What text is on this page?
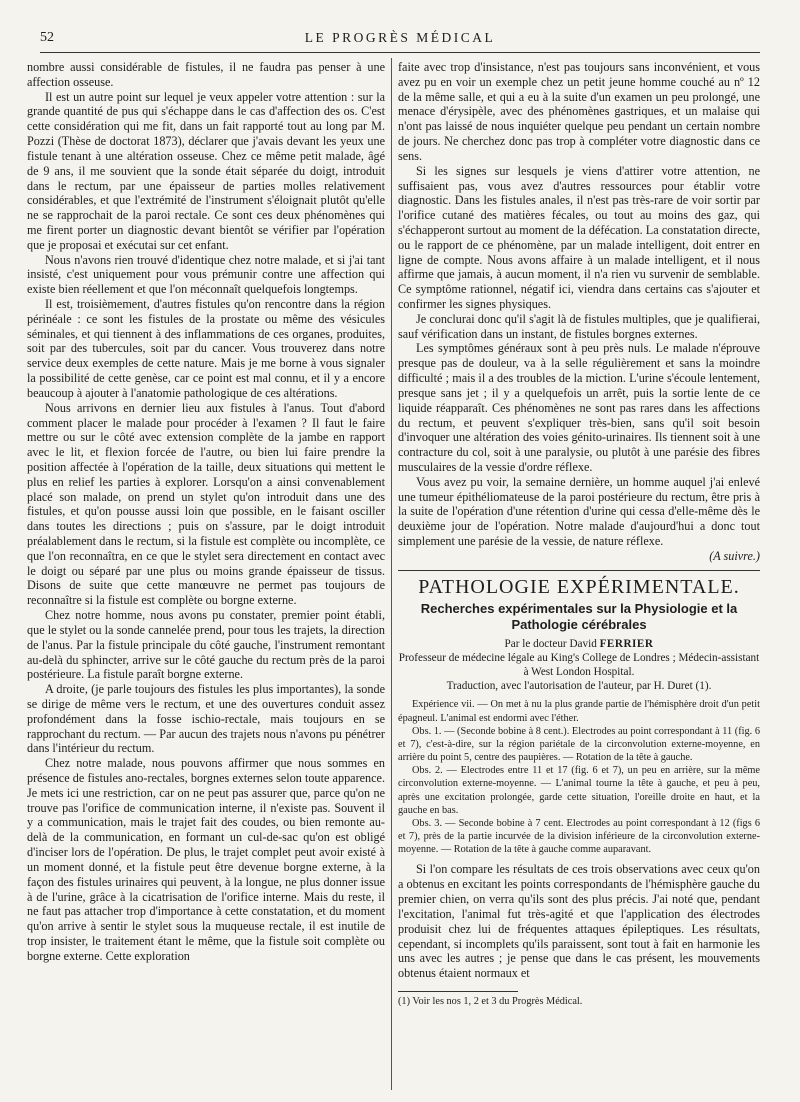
52	LE PROGRÈS MÉDICAL

nombre aussi considérable de fistules, il ne faudra pas penser à une affection osseuse.

Il est un autre point sur lequel je veux appeler votre attention : sur la grande quantité de pus qui s'échappe dans le cas d'affection des os. C'est cette considération qui me fit, dans un fait rapporté tout au long par M. Pozzi (Thèse de doctorat 1873), déclarer que j'avais devant les yeux une fistule tenant à une altération osseuse. Chez ce même petit malade, âgé de 9 ans, il me souvient que la sonde était séparée du doigt, introduit dans le rectum, par une épaisseur de parties molles relativement considérables, et que l'extrémité de l'instrument s'éloignait plutôt qu'elle ne se rapprochait de la paroi rectale. Ce sont ces deux phénomènes qui me firent porter un diagnostic devant bientôt se vérifier par l'opération que je proposai et exécutai sur cet enfant.

Nous n'avons rien trouvé d'identique chez notre malade, et si j'ai tant insisté, c'est uniquement pour vous prémunir contre une affection qui existe bien réellement et que l'on méconnaît quelquefois longtemps.

Il est, troisièmement, d'autres fistules qu'on rencontre dans la région périnéale : ce sont les fistules de la prostate ou même des vésicules séminales, et qui tiennent à des inflammations de ces organes, produites, soit par des tubercules, soit par du cancer. Vous trouverez dans notre service deux exemples de cette nature. Mais je me borne à vous signaler la possibilité de cette genèse, car ce point est mal connu, et il y a encore beaucoup à ajouter à l'anatomie pathologique de ces altérations.

Nous arrivons en dernier lieu aux fistules à l'anus. Tout d'abord comment placer le malade pour procéder à l'examen ? Il faut le faire mettre ou sur le côté avec extension complète de la jambe en rapport avec le lit, et flexion forcée de l'autre, ou bien lui faire prendre la position affectée à l'opération de la taille, deux situations qui mettent le plus en relief les parties à explorer. Lorsqu'on a ainsi convenablement placé son malade, on prend un stylet qu'on introduit dans une des fistules, et qu'on pousse aussi loin que possible, en le faisant osciller dans toutes les directions ; puis on s'assure, par le doigt introduit préalablement dans le rectum, si la fistule est complète ou incomplète, ce que l'on reconnaîtra, en ce que le stylet sera directement en contact avec le doigt ou séparé par une plus ou moins grande épaisseur de tissus. Disons de suite que cette manœuvre ne permet pas toujours de reconnaître si la fistule est complète ou borgne externe.

Chez notre homme, nous avons pu constater, premier point établi, que le stylet ou la sonde cannelée prend, pour tous les trajets, la direction de l'anus. Par la fistule principale du côté gauche, l'instrument remontant au-delà du sphincter, arrive sur le côté gauche du rectum près de la paroi postérieure. La fistule paraît borgne externe.

A droite, (je parle toujours des fistules les plus importantes), la sonde se dirige de même vers le rectum, et une des ouvertures conduit assez profondément dans la fosse ischio-rectale, mais toujours en se rapprochant du rectum. — Par aucun des trajets nous n'avons pu pénétrer dans l'intérieur du rectum.

Chez notre malade, nous pouvons affirmer que nous sommes en présence de fistules ano-rectales, borgnes externes selon toute apparence. Je mets ici une restriction, car on ne peut pas assurer que, parce qu'on ne trouve pas l'orifice de communication interne, il n'existe pas. Souvent il y a communication, mais le trajet fait des coudes, ou bien remonte au-delà de la communication, en formant un cul-de-sac qu'on est obligé d'inciser lors de l'opération. De plus, le trajet complet peut avoir existé à un moment donné, et la fistule peut être devenue borgne externe, à la façon des fistules urinaires qui peuvent, à la longue, ne plus donner issue à de l'urine, grâce à la cicatrisation de l'orifice interne. Mais du reste, il ne faut pas attacher trop d'importance à cette constatation, et du moment qu'on arrive à sentir le stylet sous la muqueuse rectale, il est inutile de trop insister, le traitement étant le même, que la fistule soit complète ou borgne externe. Cette exploration

faite avec trop d'insistance, n'est pas toujours sans inconvénient, et vous avez pu en voir un exemple chez un petit jeune homme couché au nº 12 de la même salle, et qui a eu à la suite d'un examen un peu prolongé, une menace d'érysipèle, avec des phénomènes gastriques, et un malaise qui n'ont pas laissé de nous inquiéter quelque peu pendant un certain nombre de jours. Ne cherchez donc pas trop à compléter votre diagnostic dans ce sens.

Si les signes sur lesquels je viens d'attirer votre attention, ne suffisaient pas, vous avez d'autres ressources pour établir votre diagnostic. Dans les fistules anales, il n'est pas très-rare de voir sortir par l'orifice cutané des matières fécales, ou tout au moins des gaz, qui s'échapperont surtout au moment de la défécation. La constatation directe, ou le rapport de ce phénomène, par un malade intelligent, doit entrer en ligne de compte. Nous avons affaire à un malade intelligent, et il nous affirme que jamais, à aucun moment, il n'a rien vu survenir de semblable. Ce symptôme rationnel, négatif ici, viendra dans certains cas s'ajouter et confirmer les signes physiques.

Je conclurai donc qu'il s'agit là de fistules multiples, que je qualifierai, sauf vérification dans un instant, de fistules borgnes externes.

Les symptômes généraux sont à peu près nuls. Le malade n'éprouve presque pas de douleur, va à la selle régulièrement et sans la moindre difficulté ; mais il a des troubles de la miction. L'urine s'écoule lentement, presque sans jet ; il y a quelquefois un arrêt, puis la sortie lente de ce liquide réapparaît. Ces phénomènes ne sont pas rares dans les affections du rectum, et peuvent s'expliquer très-bien, sans qu'il soit besoin d'invoquer une altération des voies génito-urinaires. Ils tiennent soit à une contracture du col, soit à une paralysie, ou plutôt à une parésie des fibres musculaires de la vessie d'ordre réflexe.

Vous avez pu voir, la semaine dernière, un homme auquel j'ai enlevé une tumeur épithéliomateuse de la paroi postérieure du rectum, être pris à la suite de l'opération d'une rétention d'urine qui cessa d'elle-même dès le deuxième jour de l'opération. Notre malade d'aujourd'hui a donc tout simplement une parésie de la vessie, de nature réflexe.

(A suivre.)

PATHOLOGIE EXPÉRIMENTALE.

Recherches expérimentales sur la Physiologie et la Pathologie cérébrales

Par le docteur David FERRIER

Professeur de médecine légale au King's College de Londres ; Médecin-assistant à West London Hospital.

Traduction, avec l'autorisation de l'auteur, par H. Duret (1).

Expérience vii. — On met à nu la plus grande partie de l'hémisphère droit d'un petit épagneul. L'animal est endormi avec l'éther.

Obs. 1. — (Seconde bobine à 8 cent.). Electrodes au point correspondant à 11 (fig. 6 et 7), c'est-à-dire, sur la région pariétale de la circonvolution externe-moyenne, en arrière du point 5, centre des paupières. — Rotation de la tête à gauche.

Obs. 2. — Electrodes entre 11 et 17 (fig. 6 et 7), un peu en arrière, sur la même circonvolution externe-moyenne. — L'animal tourne la tête à gauche, et peu à peu, après une excitation prolongée, garde cette situation, l'oreille droite en haut, et la gauche en bas.

Obs. 3. — Seconde bobine à 7 cent. Electrodes au point correspondant à 12 (figs 6 et 7), près de la partie incurvée de la division inférieure de la circonvolution externe-moyenne. — Rotation de la tête à gauche comme auparavant.

Si l'on compare les résultats de ces trois observations avec ceux qu'on a obtenus en excitant les points correspondants de l'hémisphère gauche du premier chien, on verra qu'ils sont des plus précis. J'ai noté que, pendant l'excitation, l'animal fut très-agité et que l'application des électrodes produisit chez lui de fréquentes attaques épileptiques. Les résultats, cependant, si incomplets qu'ils paraissent, sont tout à fait en harmonie les uns avec les autres ; je pense que dans le cas présent, les mouvements obtenus étaient normaux et

(1) Voir les nos 1, 2 et 3 du Progrès Médical.
